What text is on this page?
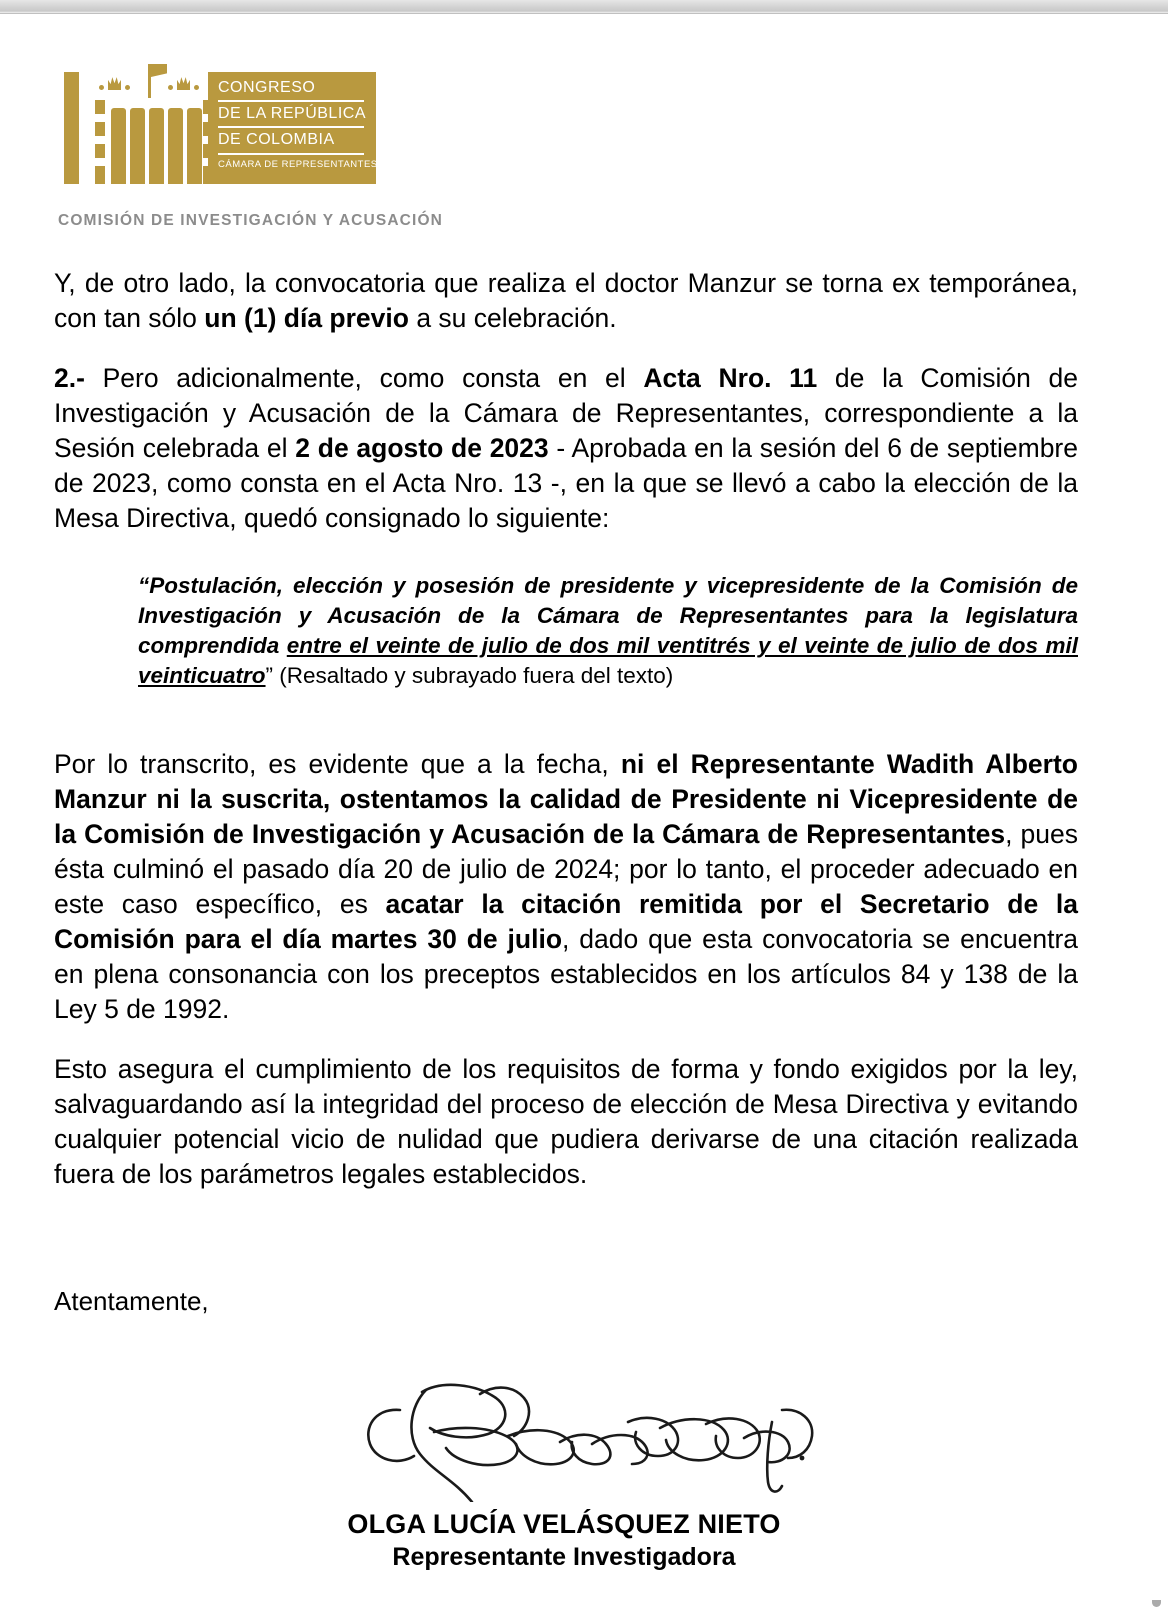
CONGRESO
DE LA REPÚBLICA
DE COLOMBIA
CÁMARA DE REPRESENTANTES
COMISIÓN DE INVESTIGACIÓN Y ACUSACIÓN

Y, de otro lado, la convocatoria que realiza el doctor Manzur se torna ex temporánea, con tan sólo un (1) día previo a su celebración.

2.- Pero adicionalmente, como consta en el Acta Nro. 11 de la Comisión de Investigación y Acusación de la Cámara de Representantes, correspondiente a la Sesión celebrada el 2 de agosto de 2023 - Aprobada en la sesión del 6 de septiembre de 2023, como consta en el Acta Nro. 13 -, en la que se llevó a cabo la elección de la Mesa Directiva, quedó consignado lo siguiente:

“Postulación, elección y posesión de presidente y vicepresidente de la Comisión de Investigación y Acusación de la Cámara de Representantes para la legislatura comprendida entre el veinte de julio de dos mil ventitrés y el veinte de julio de dos mil veinticuatro” (Resaltado y subrayado fuera del texto)

Por lo transcrito, es evidente que a la fecha, ni el Representante Wadith Alberto Manzur ni la suscrita, ostentamos la calidad de Presidente ni Vicepresidente de la Comisión de Investigación y Acusación de la Cámara de Representantes, pues ésta culminó el pasado día 20 de julio de 2024; por lo tanto, el proceder adecuado en este caso específico, es acatar la citación remitida por el Secretario de la Comisión para el día martes 30 de julio, dado que esta convocatoria se encuentra en plena consonancia con los preceptos establecidos en los artículos 84 y 138 de la Ley 5 de 1992.

Esto asegura el cumplimiento de los requisitos de forma y fondo exigidos por la ley, salvaguardando así la integridad del proceso de elección de Mesa Directiva y evitando cualquier potencial vicio de nulidad que pudiera derivarse de una citación realizada fuera de los parámetros legales establecidos.

Atentamente,
OLGA LUCÍA VELÁSQUEZ NIETO
Representante Investigadora
